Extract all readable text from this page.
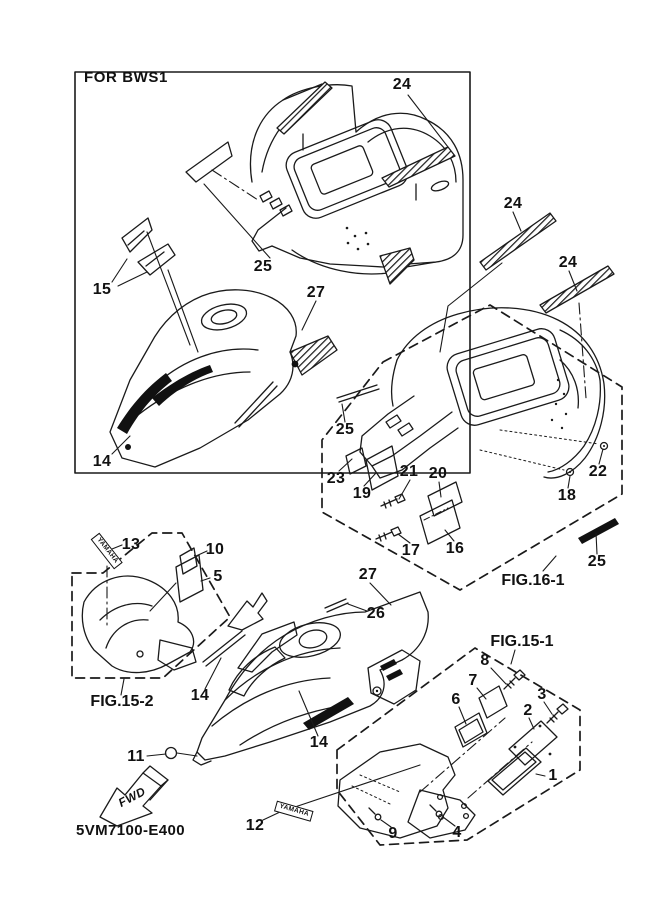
FOR BWS1
5VM7100-E400
FIG.15-2
FIG.16-1
FIG.15-1
YAMAHA
YAMAHA
FWD
24
25
27
15
14
24
24
25
23
19
21 20	22
18
17 16
25
13	10
5	27
26
14
14
11
12
8
7
6	3
2
1
9	4
